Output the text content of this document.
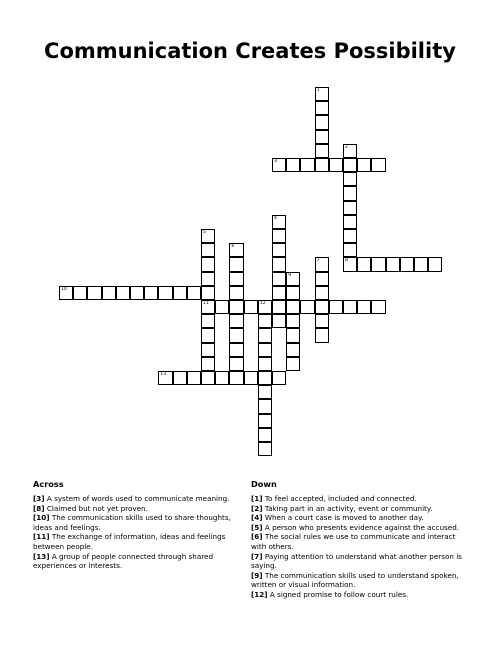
Communication Creates Possibility
1
2
8
3
4
5
11
6
7
9
10
12
13
Across

[3] A system of words used to communicate meaning.

[8] Claimed but not yet proven.

[10] The communication skills used to share thoughts, ideas and feelings.

[11] The exchange of information, ideas and feelings between people.

[13] A group of people connected through shared experiences or interests.

Down

[1] To feel accepted, included and connected.

[2] Taking part in an activity, event or community.

[4] When a court case is moved to another day.

[5] A person who presents evidence against the accused.

[6] The social rules we use to communicate and interact with others.

[7] Paying attention to understand what another person is saying.

[9] The communication skills used to understand spoken, written or visual information.

[12] A signed promise to follow court rules.
